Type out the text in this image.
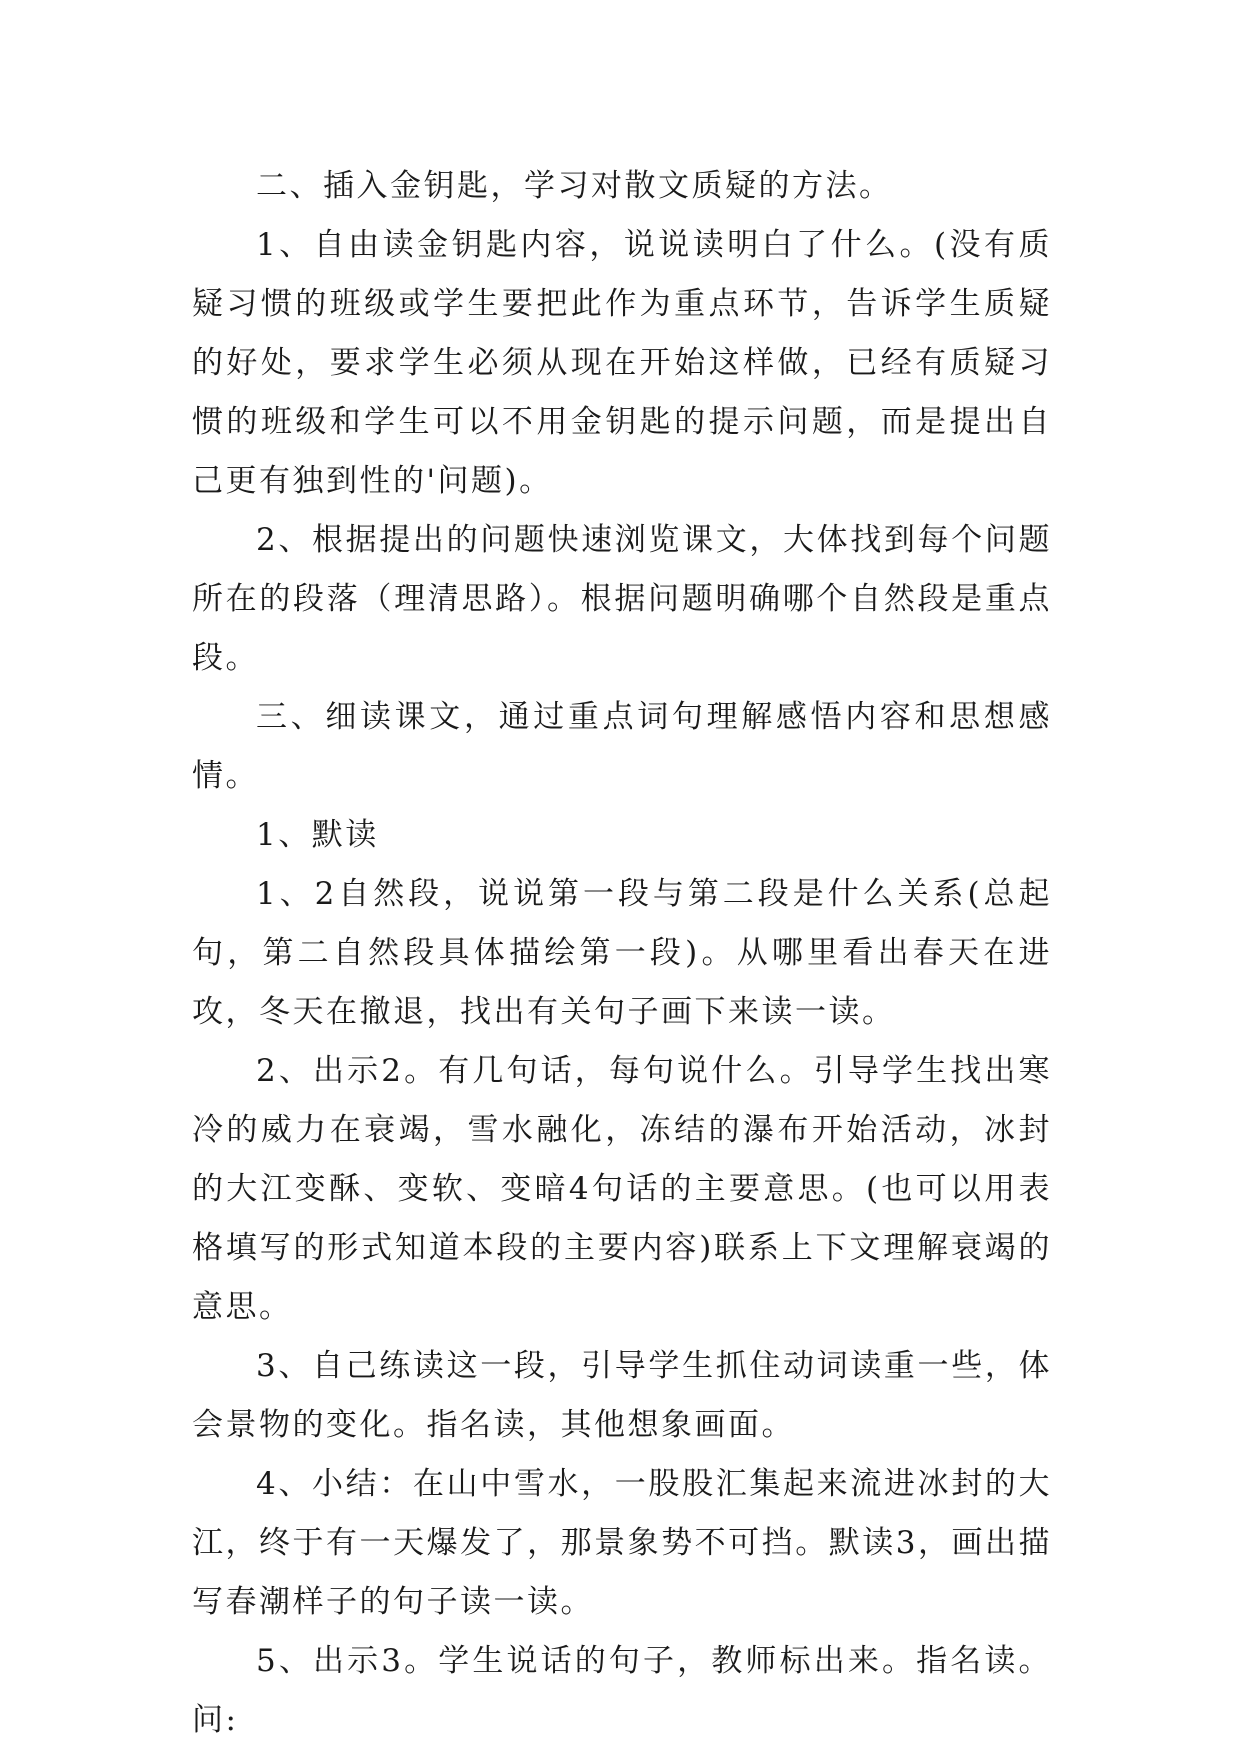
二、插入金钥匙，学习对散文质疑的方法。

1、自由读金钥匙内容，说说读明白了什么。(没有质疑习惯的班级或学生要把此作为重点环节，告诉学生质疑的好处，要求学生必须从现在开始这样做，已经有质疑习惯的班级和学生可以不用金钥匙的提示问题，而是提出自己更有独到性的'问题)。

2、根据提出的问题快速浏览课文，大体找到每个问题所在的段落（理清思路）。根据问题明确哪个自然段是重点段。

三、细读课文，通过重点词句理解感悟内容和思想感情。

1、默读

1、2自然段，说说第一段与第二段是什么关系(总起句，第二自然段具体描绘第一段)。从哪里看出春天在进攻，冬天在撤退，找出有关句子画下来读一读。

2、出示2。有几句话，每句说什么。引导学生找出寒冷的威力在衰竭，雪水融化，冻结的瀑布开始活动，冰封的大江变酥、变软、变暗4句话的主要意思。(也可以用表格填写的形式知道本段的主要内容)联系上下文理解衰竭的意思。

3、自己练读这一段，引导学生抓住动词读重一些，体会景物的变化。指名读，其他想象画面。

4、小结：在山中雪水，一股股汇集起来流进冰封的大江，终于有一天爆发了，那景象势不可挡。默读3，画出描写春潮样子的句子读一读。

5、出示3。学生说话的句子，教师标出来。指名读。问:
